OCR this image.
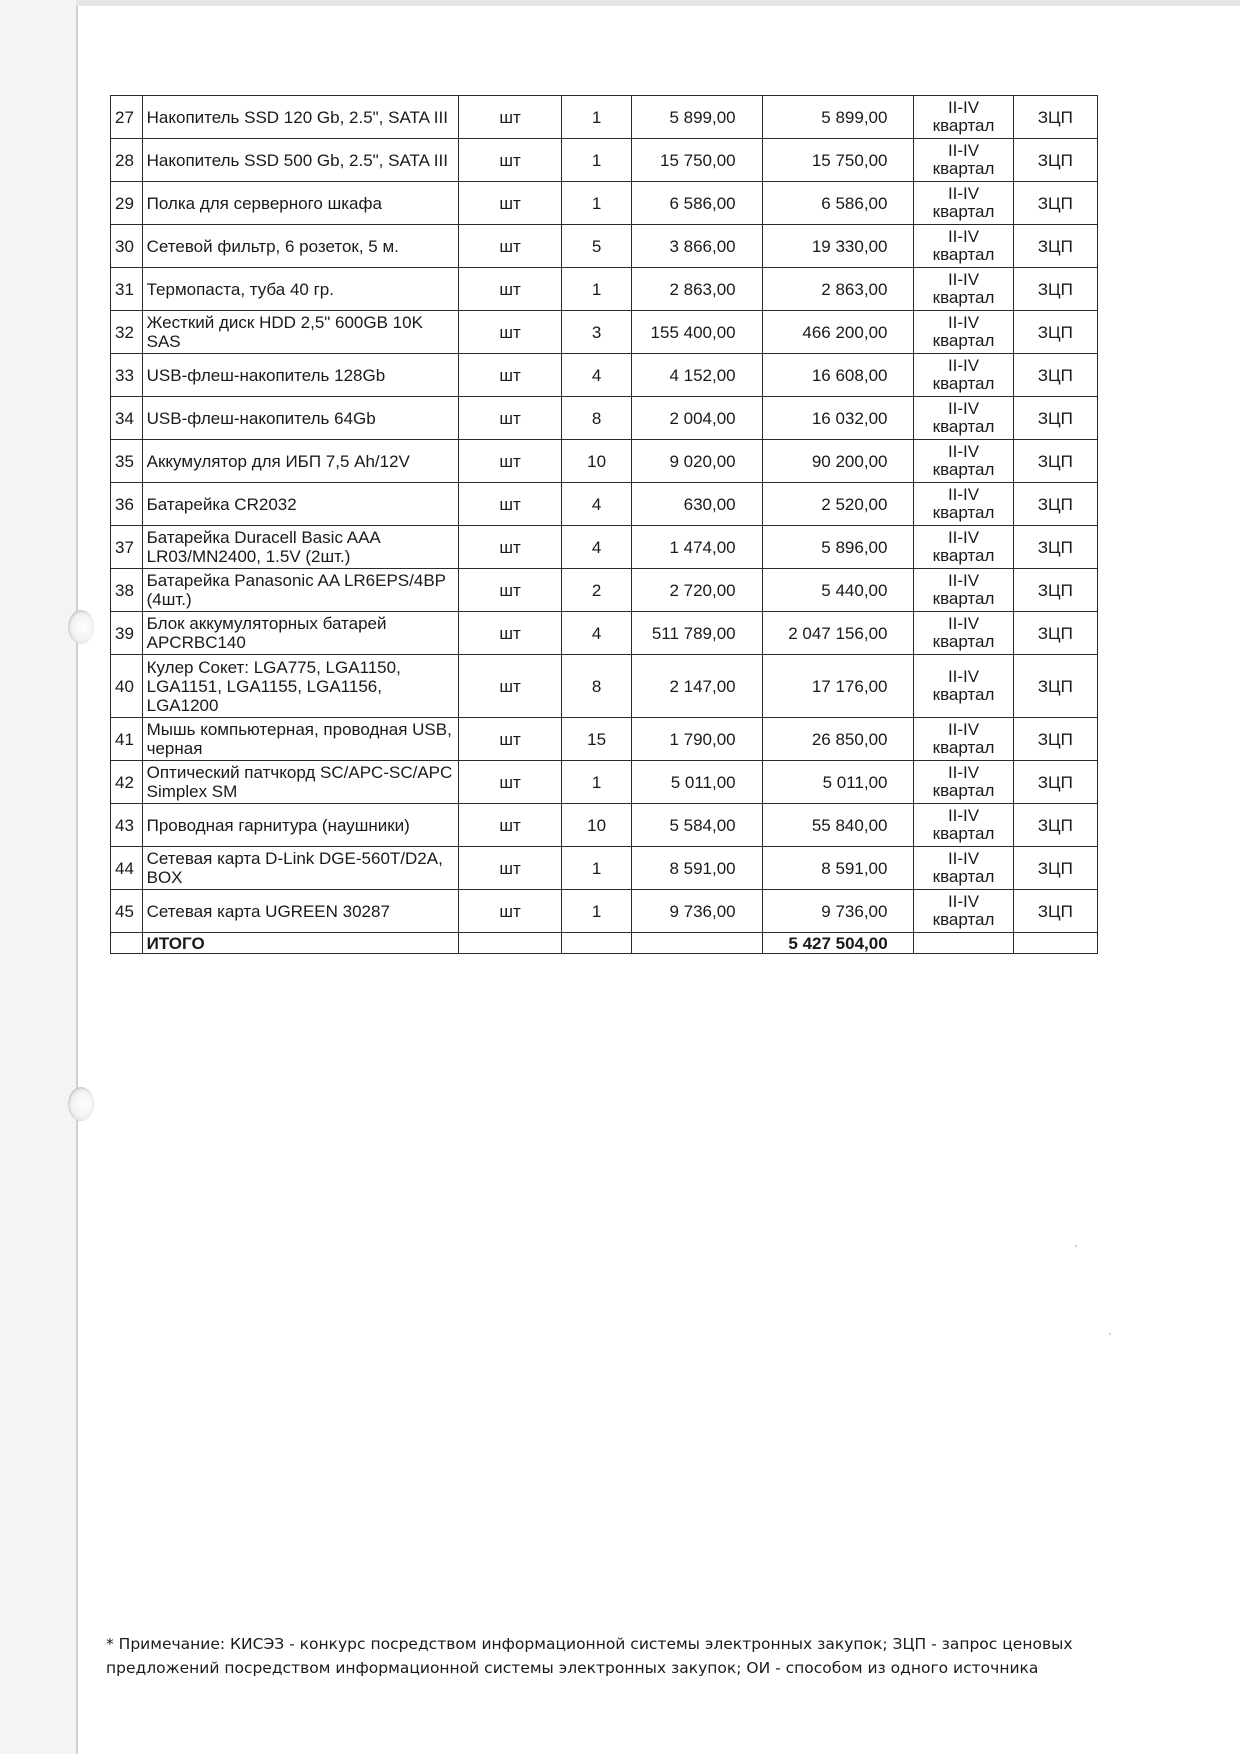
27	Накопитель SSD 120 Gb, 2.5", SATA III	шт	1	5 899,00	5 899,00	II-IV квартал	ЗЦП
28	Накопитель SSD 500 Gb, 2.5", SATA III	шт	1	15 750,00	15 750,00	II-IV квартал	ЗЦП
29	Полка для серверного шкафа	шт	1	6 586,00	6 586,00	II-IV квартал	ЗЦП
30	Сетевой фильтр, 6 розеток, 5 м.	шт	5	3 866,00	19 330,00	II-IV квартал	ЗЦП
31	Термопаста, туба 40 гр.	шт	1	2 863,00	2 863,00	II-IV квартал	ЗЦП
32	Жесткий диск HDD 2,5" 600GB 10K SAS	шт	3	155 400,00	466 200,00	II-IV квартал	ЗЦП
33	USB-флеш-накопитель 128Gb	шт	4	4 152,00	16 608,00	II-IV квартал	ЗЦП
34	USB-флеш-накопитель 64Gb	шт	8	2 004,00	16 032,00	II-IV квартал	ЗЦП
35	Аккумулятор для ИБП 7,5 Ah/12V	шт	10	9 020,00	90 200,00	II-IV квартал	ЗЦП
36	Батарейка CR2032	шт	4	630,00	2 520,00	II-IV квартал	ЗЦП
37	Батарейка Duracell Basic AAA LR03/MN2400, 1.5V (2шт.)	шт	4	1 474,00	5 896,00	II-IV квартал	ЗЦП
38	Батарейка Panasonic AA LR6EPS/4BP (4шт.)	шт	2	2 720,00	5 440,00	II-IV квартал	ЗЦП
39	Блок аккумуляторных батарей APCRBC140	шт	4	511 789,00	2 047 156,00	II-IV квартал	ЗЦП
40	Кулер Сокет: LGA775, LGA1150, LGA1151, LGA1155, LGA1156, LGA1200	шт	8	2 147,00	17 176,00	II-IV квартал	ЗЦП
41	Мышь компьютерная, проводная USB, черная	шт	15	1 790,00	26 850,00	II-IV квартал	ЗЦП
42	Оптический патчкорд SC/APC-SC/APC Simplex SM	шт	1	5 011,00	5 011,00	II-IV квартал	ЗЦП
43	Проводная гарнитура (наушники)	шт	10	5 584,00	55 840,00	II-IV квартал	ЗЦП
44	Сетевая карта D-Link DGE-560T/D2A, BOX	шт	1	8 591,00	8 591,00	II-IV квартал	ЗЦП
45	Сетевая карта UGREEN 30287	шт	1	9 736,00	9 736,00	II-IV квартал	ЗЦП
	ИТОГО				5 427 504,00		
* Примечание: КИСЭЗ - конкурс посредством информационной системы электронных закупок; ЗЦП - запрос ценовых предложений посредством информационной системы электронных закупок; ОИ - способом из одного источника
·
·
